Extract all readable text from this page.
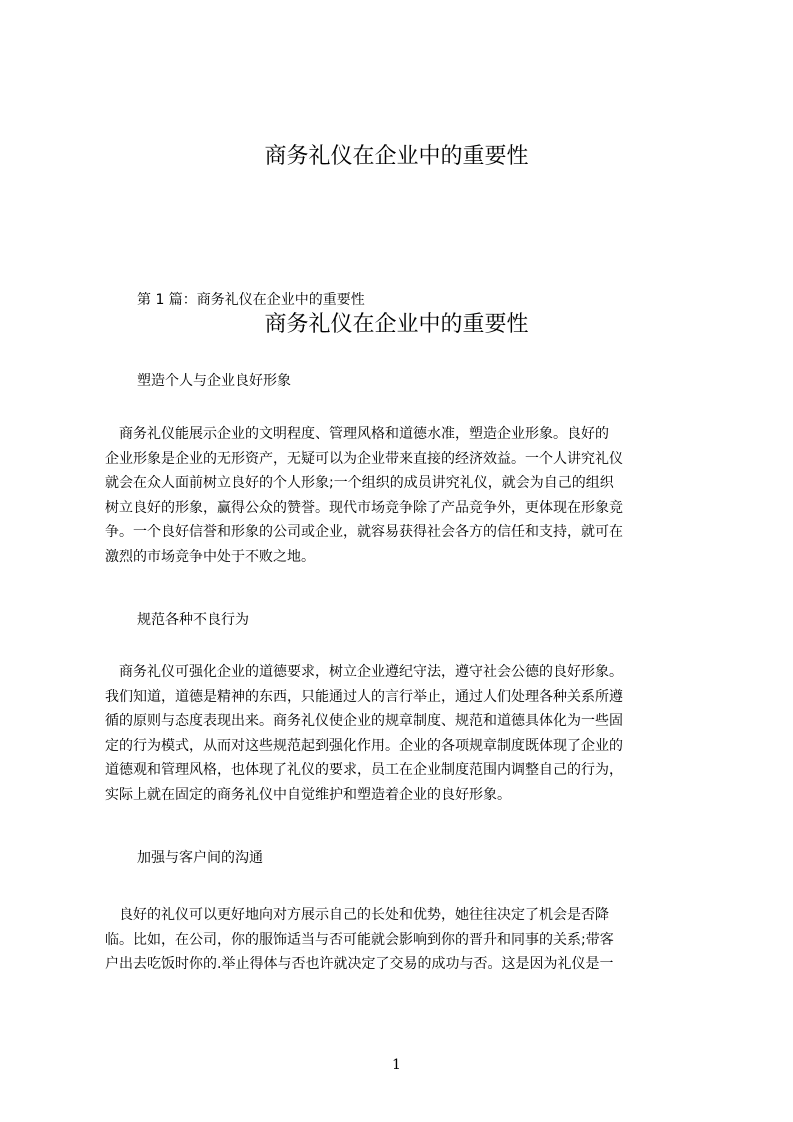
商务礼仪在企业中的重要性
第 1 篇：商务礼仪在企业中的重要性
商务礼仪在企业中的重要性
塑造个人与企业良好形象
　商务礼仪能展示企业的文明程度、管理风格和道德水准，塑造企业形象。良好的
企业形象是企业的无形资产，无疑可以为企业带来直接的经济效益。一个人讲究礼仪
就会在众人面前树立良好的个人形象;一个组织的成员讲究礼仪，就会为自己的组织
树立良好的形象，赢得公众的赞誉。现代市场竞争除了产品竞争外，更体现在形象竞
争。一个良好信誉和形象的公司或企业，就容易获得社会各方的信任和支持，就可在
激烈的市场竞争中处于不败之地。
规范各种不良行为
　商务礼仪可强化企业的道德要求，树立企业遵纪守法，遵守社会公德的良好形象。
我们知道，道德是精神的东西，只能通过人的言行举止，通过人们处理各种关系所遵
循的原则与态度表现出来。商务礼仪使企业的规章制度、规范和道德具体化为一些固
定的行为模式，从而对这些规范起到强化作用。企业的各项规章制度既体现了企业的
道德观和管理风格，也体现了礼仪的要求，员工在企业制度范围内调整自己的行为，
实际上就在固定的商务礼仪中自觉维护和塑造着企业的良好形象。
加强与客户间的沟通
　良好的礼仪可以更好地向对方展示自己的长处和优势，她往往决定了机会是否降
临。比如，在公司，你的服饰适当与否可能就会影响到你的晋升和同事的关系;带客
户出去吃饭时你的.举止得体与否也许就决定了交易的成功与否。这是因为礼仪是一
1
